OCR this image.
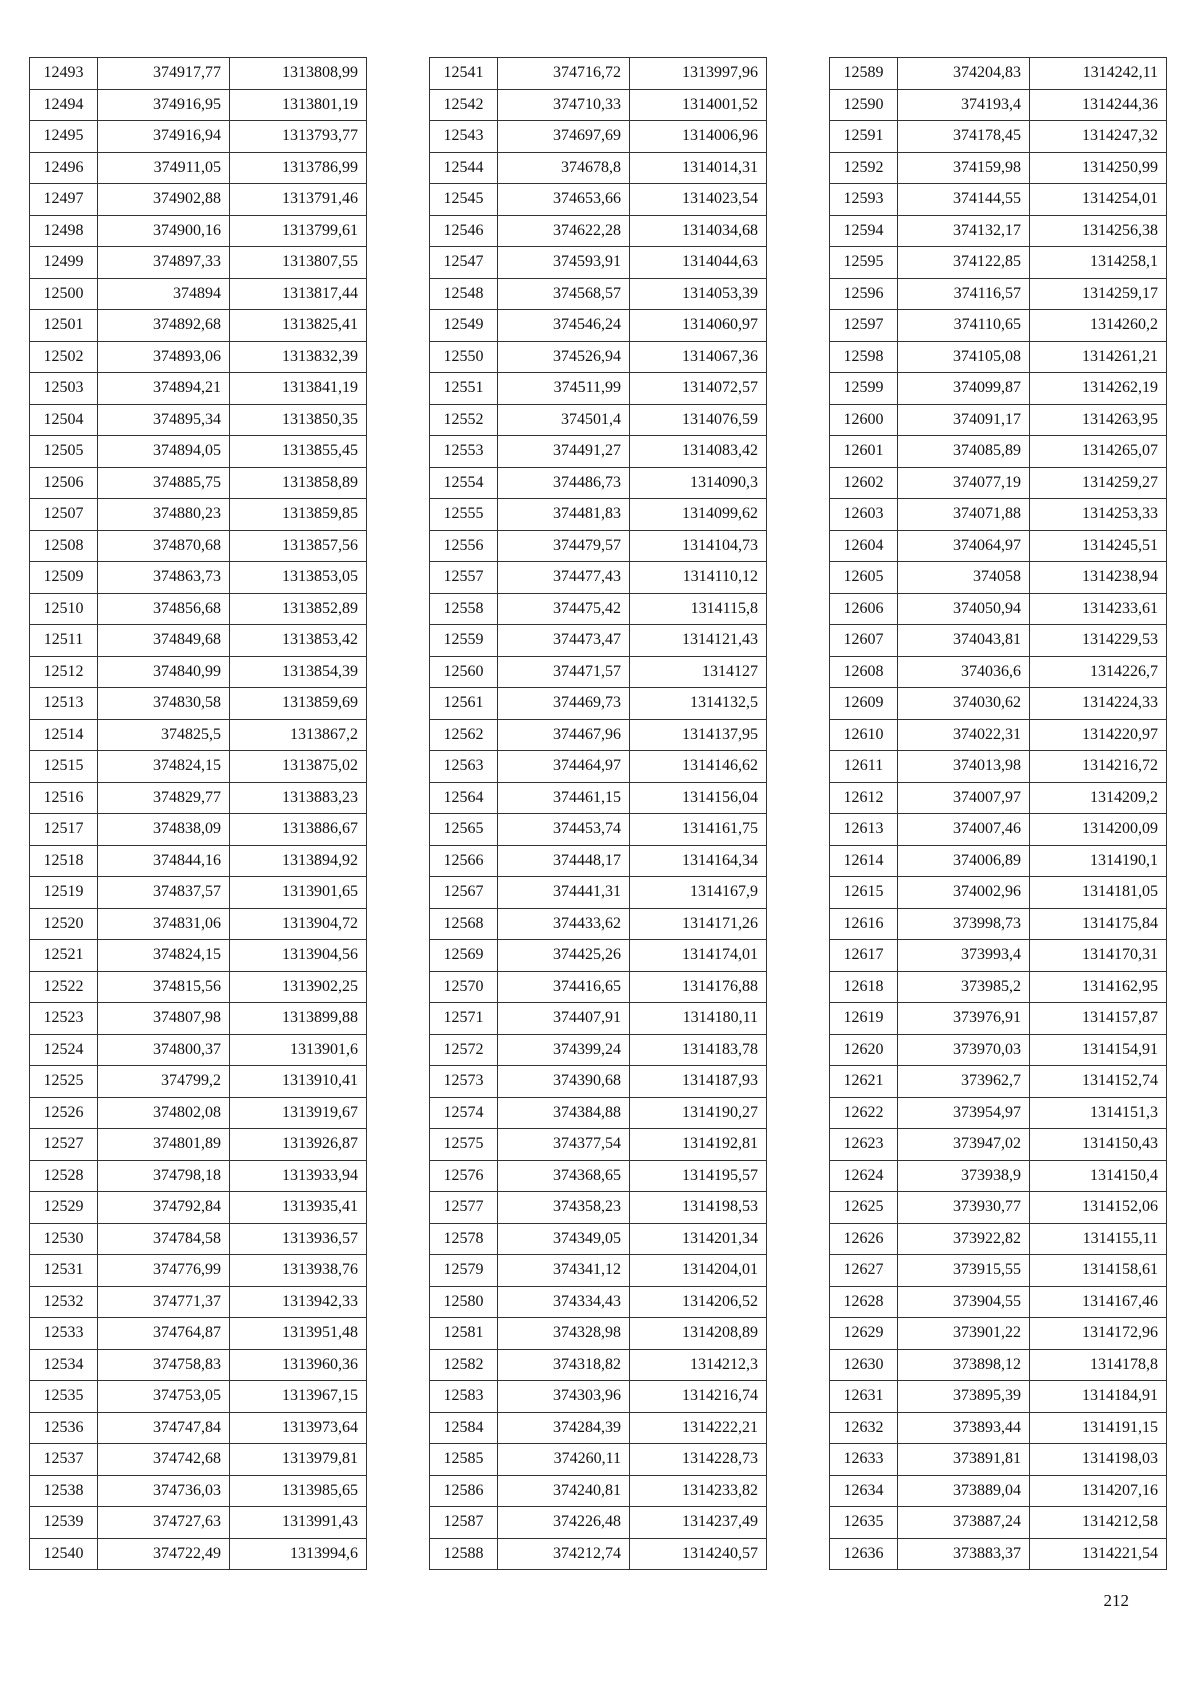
12493	374917,77	1313808,99
12494	374916,95	1313801,19
12495	374916,94	1313793,77
12496	374911,05	1313786,99
12497	374902,88	1313791,46
12498	374900,16	1313799,61
12499	374897,33	1313807,55
12500	374894	1313817,44
12501	374892,68	1313825,41
12502	374893,06	1313832,39
12503	374894,21	1313841,19
12504	374895,34	1313850,35
12505	374894,05	1313855,45
12506	374885,75	1313858,89
12507	374880,23	1313859,85
12508	374870,68	1313857,56
12509	374863,73	1313853,05
12510	374856,68	1313852,89
12511	374849,68	1313853,42
12512	374840,99	1313854,39
12513	374830,58	1313859,69
12514	374825,5	1313867,2
12515	374824,15	1313875,02
12516	374829,77	1313883,23
12517	374838,09	1313886,67
12518	374844,16	1313894,92
12519	374837,57	1313901,65
12520	374831,06	1313904,72
12521	374824,15	1313904,56
12522	374815,56	1313902,25
12523	374807,98	1313899,88
12524	374800,37	1313901,6
12525	374799,2	1313910,41
12526	374802,08	1313919,67
12527	374801,89	1313926,87
12528	374798,18	1313933,94
12529	374792,84	1313935,41
12530	374784,58	1313936,57
12531	374776,99	1313938,76
12532	374771,37	1313942,33
12533	374764,87	1313951,48
12534	374758,83	1313960,36
12535	374753,05	1313967,15
12536	374747,84	1313973,64
12537	374742,68	1313979,81
12538	374736,03	1313985,65
12539	374727,63	1313991,43
12540	374722,49	1313994,6
12541	374716,72	1313997,96
12542	374710,33	1314001,52
12543	374697,69	1314006,96
12544	374678,8	1314014,31
12545	374653,66	1314023,54
12546	374622,28	1314034,68
12547	374593,91	1314044,63
12548	374568,57	1314053,39
12549	374546,24	1314060,97
12550	374526,94	1314067,36
12551	374511,99	1314072,57
12552	374501,4	1314076,59
12553	374491,27	1314083,42
12554	374486,73	1314090,3
12555	374481,83	1314099,62
12556	374479,57	1314104,73
12557	374477,43	1314110,12
12558	374475,42	1314115,8
12559	374473,47	1314121,43
12560	374471,57	1314127
12561	374469,73	1314132,5
12562	374467,96	1314137,95
12563	374464,97	1314146,62
12564	374461,15	1314156,04
12565	374453,74	1314161,75
12566	374448,17	1314164,34
12567	374441,31	1314167,9
12568	374433,62	1314171,26
12569	374425,26	1314174,01
12570	374416,65	1314176,88
12571	374407,91	1314180,11
12572	374399,24	1314183,78
12573	374390,68	1314187,93
12574	374384,88	1314190,27
12575	374377,54	1314192,81
12576	374368,65	1314195,57
12577	374358,23	1314198,53
12578	374349,05	1314201,34
12579	374341,12	1314204,01
12580	374334,43	1314206,52
12581	374328,98	1314208,89
12582	374318,82	1314212,3
12583	374303,96	1314216,74
12584	374284,39	1314222,21
12585	374260,11	1314228,73
12586	374240,81	1314233,82
12587	374226,48	1314237,49
12588	374212,74	1314240,57
12589	374204,83	1314242,11
12590	374193,4	1314244,36
12591	374178,45	1314247,32
12592	374159,98	1314250,99
12593	374144,55	1314254,01
12594	374132,17	1314256,38
12595	374122,85	1314258,1
12596	374116,57	1314259,17
12597	374110,65	1314260,2
12598	374105,08	1314261,21
12599	374099,87	1314262,19
12600	374091,17	1314263,95
12601	374085,89	1314265,07
12602	374077,19	1314259,27
12603	374071,88	1314253,33
12604	374064,97	1314245,51
12605	374058	1314238,94
12606	374050,94	1314233,61
12607	374043,81	1314229,53
12608	374036,6	1314226,7
12609	374030,62	1314224,33
12610	374022,31	1314220,97
12611	374013,98	1314216,72
12612	374007,97	1314209,2
12613	374007,46	1314200,09
12614	374006,89	1314190,1
12615	374002,96	1314181,05
12616	373998,73	1314175,84
12617	373993,4	1314170,31
12618	373985,2	1314162,95
12619	373976,91	1314157,87
12620	373970,03	1314154,91
12621	373962,7	1314152,74
12622	373954,97	1314151,3
12623	373947,02	1314150,43
12624	373938,9	1314150,4
12625	373930,77	1314152,06
12626	373922,82	1314155,11
12627	373915,55	1314158,61
12628	373904,55	1314167,46
12629	373901,22	1314172,96
12630	373898,12	1314178,8
12631	373895,39	1314184,91
12632	373893,44	1314191,15
12633	373891,81	1314198,03
12634	373889,04	1314207,16
12635	373887,24	1314212,58
12636	373883,37	1314221,54
212
